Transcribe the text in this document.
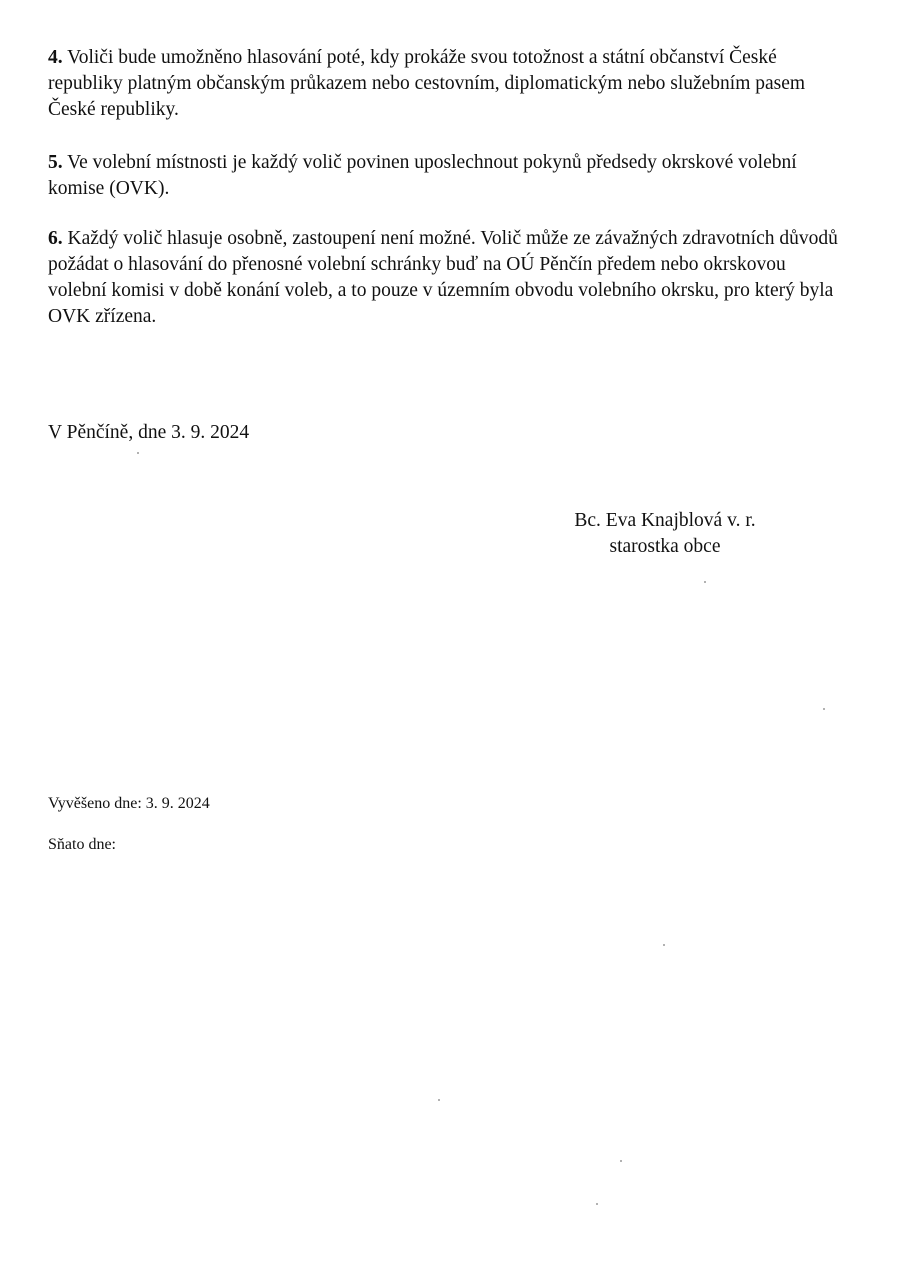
4. Voliči bude umožněno hlasování poté, kdy prokáže svou totožnost a státní občanství České republiky platným občanským průkazem nebo cestovním, diplomatickým nebo služebním pasem České republiky.

5. Ve volební místnosti je každý volič povinen uposlechnout pokynů předsedy okrskové volební komise (OVK).

6. Každý volič hlasuje osobně, zastoupení není možné. Volič může ze závažných zdravotních důvodů požádat o hlasování do přenosné volební schránky buď na OÚ Pěnčín předem nebo okrskovou volební komisi v době konání voleb, a to pouze v územním obvodu volebního okrsku, pro který byla OVK zřízena.

V Pěnčíně, dne 3. 9. 2024

Bc. Eva Knajblová v. r.
starostka obce

Vyvěšeno dne: 3. 9. 2024

Sňato dne:
